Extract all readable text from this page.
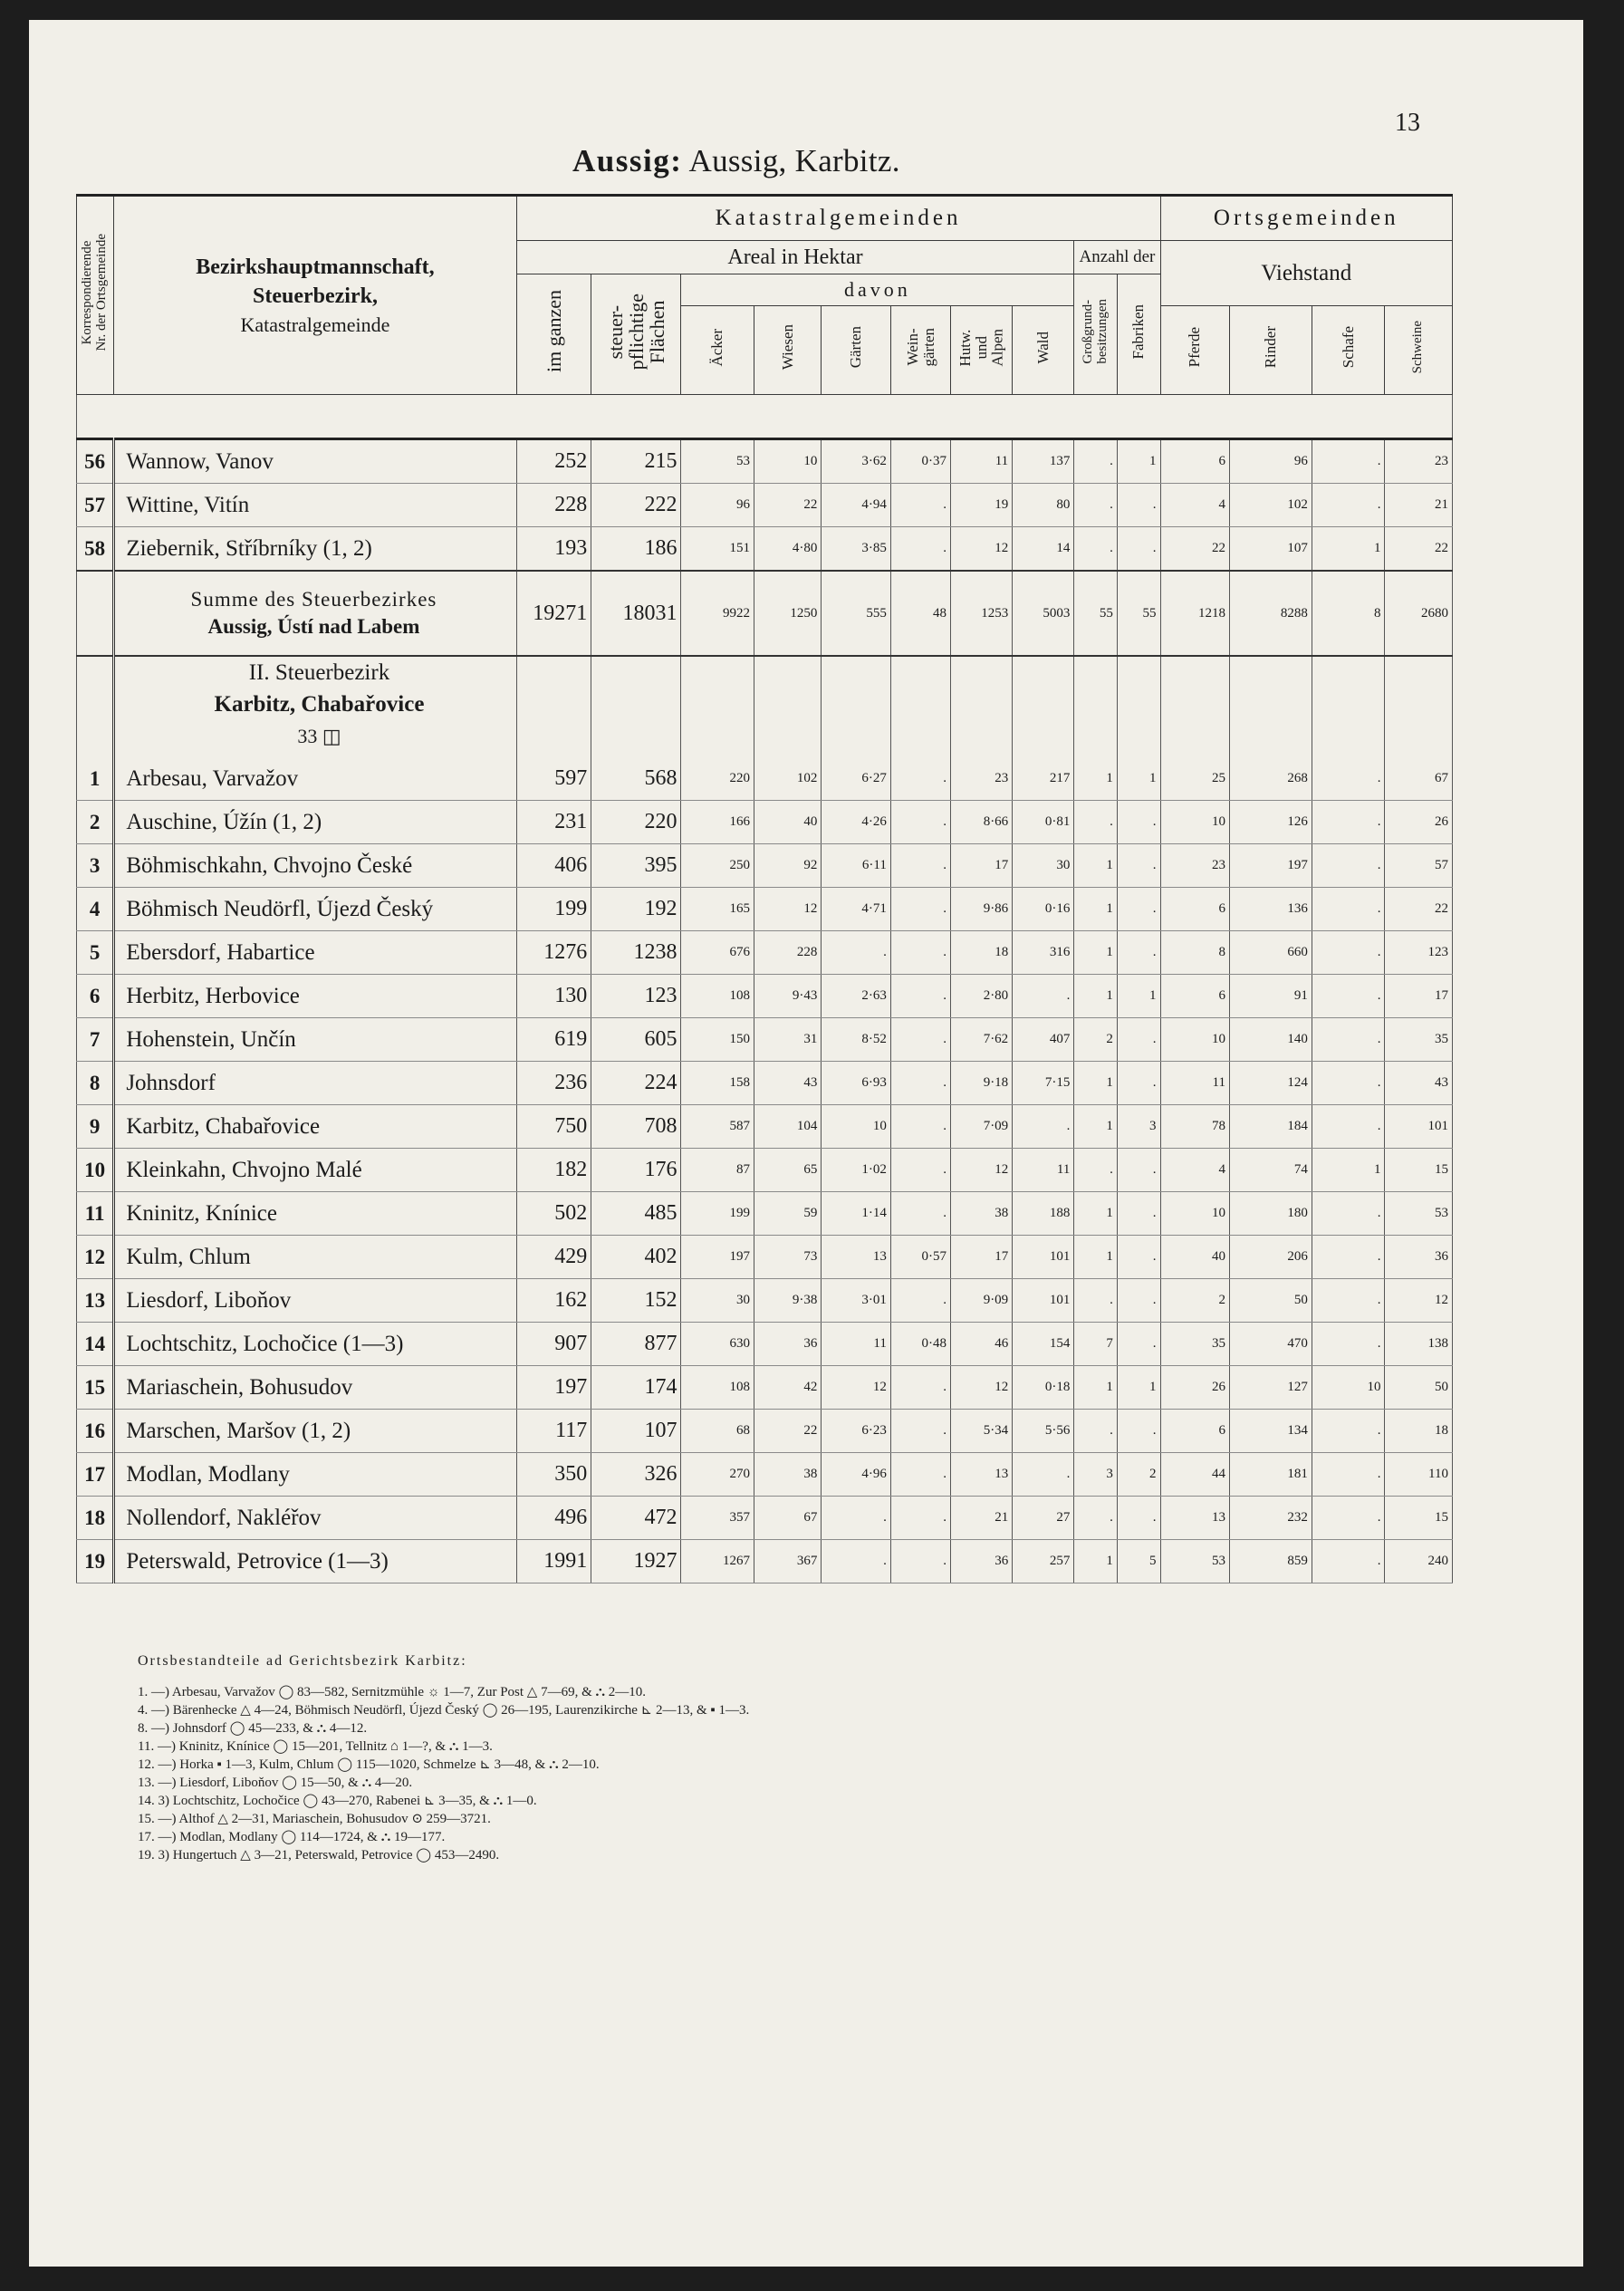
13
Aussig: Aussig, Karbitz.
Korrespondierende
Nr. der Ortsgemeinde	Bezirkshauptmannschaft,
Steuerbezirk,
Katastralgemeinde	Katastralgemeinden										Ortsgemeinden			
		Areal in Hektar								Anzahl der		Viehstand			
		im ganzen	steuer-
pflichtige
Flächen	davon						Großgrund-
besitzungen	Fabriken				
				Äcker	Wiesen	Gärten	Wein-
gärten	Hutw.
und
Alpen	Wald			Pferde	Rinder	Schafe	Schweine

56	Wannow, Vanov	252	215	53	10	3·62	0·37	11	137	.	1	6	96	.	23
57	Wittine, Vitín	228	222	96	22	4·94	.	19	80	.	.	4	102	.	21
58	Ziebernik, Stříbrníky (1, 2)	193	186	151	4·80	3·85	.	12	14	.	.	22	107	1	22
	Summe des Steuerbezirkes
Aussig, Ústí nad Labem	19271	18031	9922	1250	555	48	1253	5003	55	55	1218	8288	8	2680
	II. Steuerbezirk
Karbitz, Chabařovice
33 ◫														
1	Arbesau, Varvažov	597	568	220	102	6·27	.	23	217	1	1	25	268	.	67
2	Auschine, Úžín (1, 2)	231	220	166	40	4·26	.	8·66	0·81	.	.	10	126	.	26
3	Böhmischkahn, Chvojno České	406	395	250	92	6·11	.	17	30	1	.	23	197	.	57
4	Böhmisch Neudörfl, Újezd Český	199	192	165	12	4·71	.	9·86	0·16	1	.	6	136	.	22
5	Ebersdorf, Habartice	1276	1238	676	228	.	.	18	316	1	.	8	660	.	123
6	Herbitz, Herbovice	130	123	108	9·43	2·63	.	2·80	.	1	1	6	91	.	17
7	Hohenstein, Unčín	619	605	150	31	8·52	.	7·62	407	2	.	10	140	.	35
8	Johnsdorf	236	224	158	43	6·93	.	9·18	7·15	1	.	11	124	.	43
9	Karbitz, Chabařovice	750	708	587	104	10	.	7·09	.	1	3	78	184	.	101
10	Kleinkahn, Chvojno Malé	182	176	87	65	1·02	.	12	11	.	.	4	74	1	15
11	Kninitz, Knínice	502	485	199	59	1·14	.	38	188	1	.	10	180	.	53
12	Kulm, Chlum	429	402	197	73	13	0·57	17	101	1	.	40	206	.	36
13	Liesdorf, Liboňov	162	152	30	9·38	3·01	.	9·09	101	.	.	2	50	.	12
14	Lochtschitz, Lochočice (1—3)	907	877	630	36	11	0·48	46	154	7	.	35	470	.	138
15	Mariaschein, Bohusudov	197	174	108	42	12	.	12	0·18	1	1	26	127	10	50
16	Marschen, Maršov (1, 2)	117	107	68	22	6·23	.	5·34	5·56	.	.	6	134	.	18
17	Modlan, Modlany	350	326	270	38	4·96	.	13	.	3	2	44	181	.	110
18	Nollendorf, Nakléřov	496	472	357	67	.	.	21	27	.	.	13	232	.	15
19	Peterswald, Petrovice (1—3)	1991	1927	1267	367	.	.	36	257	1	5	53	859	.	240
Ortsbestandteile ad Gerichtsbezirk Karbitz:
1. —) Arbesau, Varvažov ◯ 83—582, Sernitzmühle ☼ 1—7, Zur Post △ 7—69, & ⛬ 2—10.
4. —) Bärenhecke △ 4—24, Böhmisch Neudörfl, Újezd Český ◯ 26—195, Laurenzikirche ⊾ 2—13, & ▪ 1—3.
8. —) Johnsdorf ◯ 45—233, & ⛬ 4—12.
11. —) Kninitz, Knínice ◯ 15—201, Tellnitz ⌂ 1—?, & ⛬ 1—3.
12. —) Horka ▪ 1—3, Kulm, Chlum ◯ 115—1020, Schmelze ⊾ 3—48, & ⛬ 2—10.
13. —) Liesdorf, Liboňov ◯ 15—50, & ⛬ 4—20.
14. 3) Lochtschitz, Lochočice ◯ 43—270, Rabenei ⊾ 3—35, & ⛬ 1—0.
15. —) Althof △ 2—31, Mariaschein, Bohusudov ⊙ 259—3721.
17. —) Modlan, Modlany ◯ 114—1724, & ⛬ 19—177.
19. 3) Hungertuch △ 3—21, Peterswald, Petrovice ◯ 453—2490.
